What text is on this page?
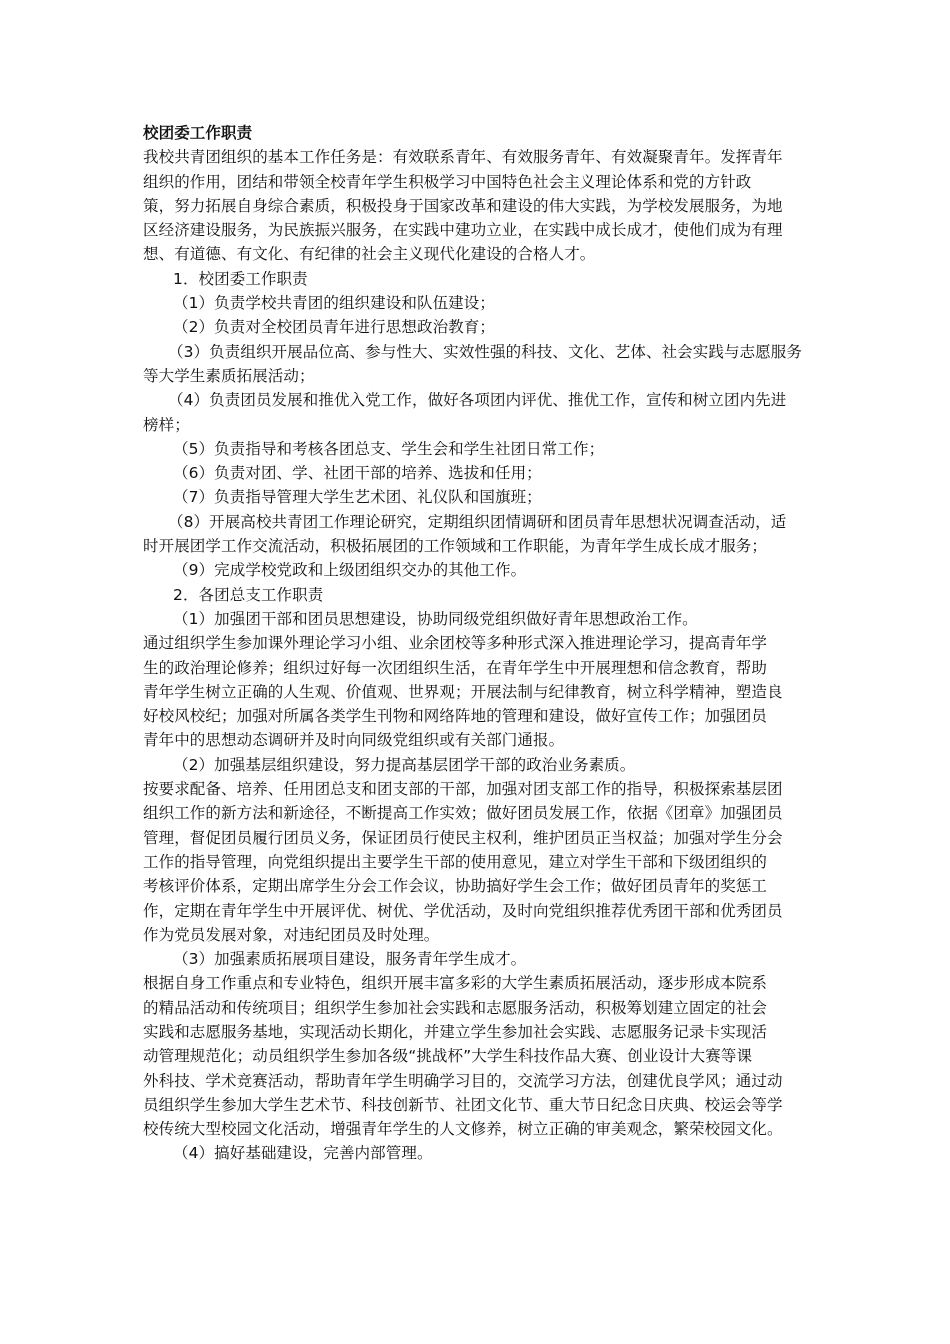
校团委工作职责
我校共青团组织的基本工作任务是：有效联系青年、有效服务青年、有效凝聚青年。发挥青年
组织的作用，团结和带领全校青年学生积极学习中国特色社会主义理论体系和党的方针政
策，努力拓展自身综合素质，积极投身于国家改革和建设的伟大实践，为学校发展服务，为地
区经济建设服务，为民族振兴服务，在实践中建功立业，在实践中成长成才，使他们成为有理
想、有道德、有文化、有纪律的社会主义现代化建设的合格人才。
1．校团委工作职责
（1）负责学校共青团的组织建设和队伍建设；
（2）负责对全校团员青年进行思想政治教育；
（3）负责组织开展品位高、参与性大、实效性强的科技、文化、艺体、社会实践与志愿服务
等大学生素质拓展活动；
（4）负责团员发展和推优入党工作，做好各项团内评优、推优工作，宣传和树立团内先进
榜样；
（5）负责指导和考核各团总支、学生会和学生社团日常工作；
（6）负责对团、学、社团干部的培养、选拔和任用；
（7）负责指导管理大学生艺术团、礼仪队和国旗班；
（8）开展高校共青团工作理论研究，定期组织团情调研和团员青年思想状况调查活动，适
时开展团学工作交流活动，积极拓展团的工作领域和工作职能，为青年学生成长成才服务；
（9）完成学校党政和上级团组织交办的其他工作。
2．各团总支工作职责
（1）加强团干部和团员思想建设，协助同级党组织做好青年思想政治工作。
通过组织学生参加课外理论学习小组、业余团校等多种形式深入推进理论学习，提高青年学
生的政治理论修养；组织过好每一次团组织生活，在青年学生中开展理想和信念教育，帮助
青年学生树立正确的人生观、价值观、世界观；开展法制与纪律教育，树立科学精神，塑造良
好校风校纪；加强对所属各类学生刊物和网络阵地的管理和建设，做好宣传工作；加强团员
青年中的思想动态调研并及时向同级党组织或有关部门通报。
（2）加强基层组织建设，努力提高基层团学干部的政治业务素质。
按要求配备、培养、任用团总支和团支部的干部，加强对团支部工作的指导，积极探索基层团
组织工作的新方法和新途径，不断提高工作实效；做好团员发展工作，依据《团章》加强团员
管理，督促团员履行团员义务，保证团员行使民主权利，维护团员正当权益；加强对学生分会
工作的指导管理，向党组织提出主要学生干部的使用意见，建立对学生干部和下级团组织的
考核评价体系，定期出席学生分会工作会议，协助搞好学生会工作；做好团员青年的奖惩工
作，定期在青年学生中开展评优、树优、学优活动，及时向党组织推荐优秀团干部和优秀团员
作为党员发展对象，对违纪团员及时处理。
（3）加强素质拓展项目建设，服务青年学生成才。
根据自身工作重点和专业特色，组织开展丰富多彩的大学生素质拓展活动，逐步形成本院系
的精品活动和传统项目；组织学生参加社会实践和志愿服务活动，积极筹划建立固定的社会
实践和志愿服务基地，实现活动长期化，并建立学生参加社会实践、志愿服务记录卡实现活
动管理规范化；动员组织学生参加各级“挑战杯”大学生科技作品大赛、创业设计大赛等课
外科技、学术竞赛活动，帮助青年学生明确学习目的，交流学习方法，创建优良学风；通过动
员组织学生参加大学生艺术节、科技创新节、社团文化节、重大节日纪念日庆典、校运会等学
校传统大型校园文化活动，增强青年学生的人文修养，树立正确的审美观念，繁荣校园文化。
（4）搞好基础建设，完善内部管理。
